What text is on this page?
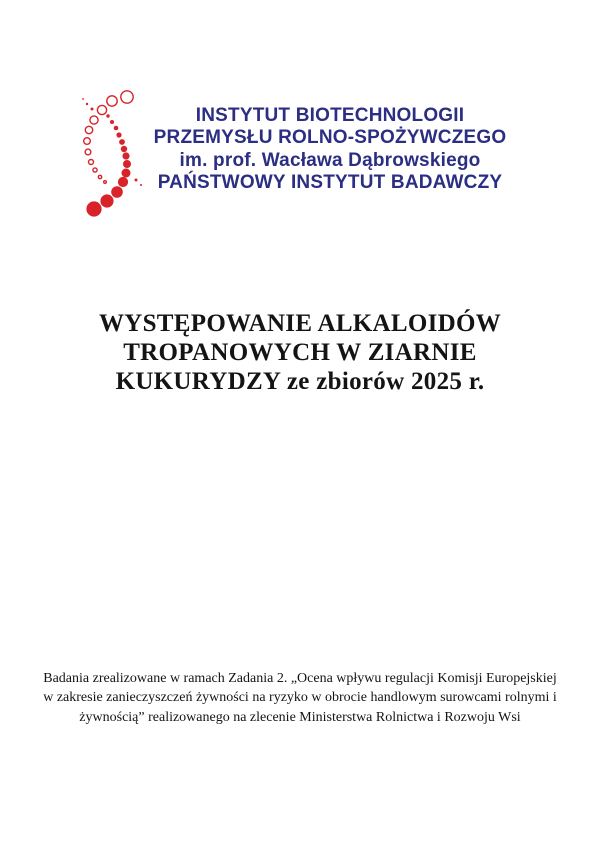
INSTYTUT BIOTECHNOLOGII
PRZEMYSŁU ROLNO-SPOŻYWCZEGO
im. prof. Wacława Dąbrowskiego
PAŃSTWOWY INSTYTUT BADAWCZY
WYSTĘPOWANIE ALKALOIDÓW
TROPANOWYCH W ZIARNIE
KUKURYDZY ze zbiorów 2025 r.
Badania zrealizowane w ramach Zadania 2. „Ocena wpływu regulacji Komisji Europejskiej
w zakresie zanieczyszczeń żywności na ryzyko w obrocie handlowym surowcami rolnymi i
żywnością” realizowanego na zlecenie Ministerstwa Rolnictwa i Rozwoju Wsi
